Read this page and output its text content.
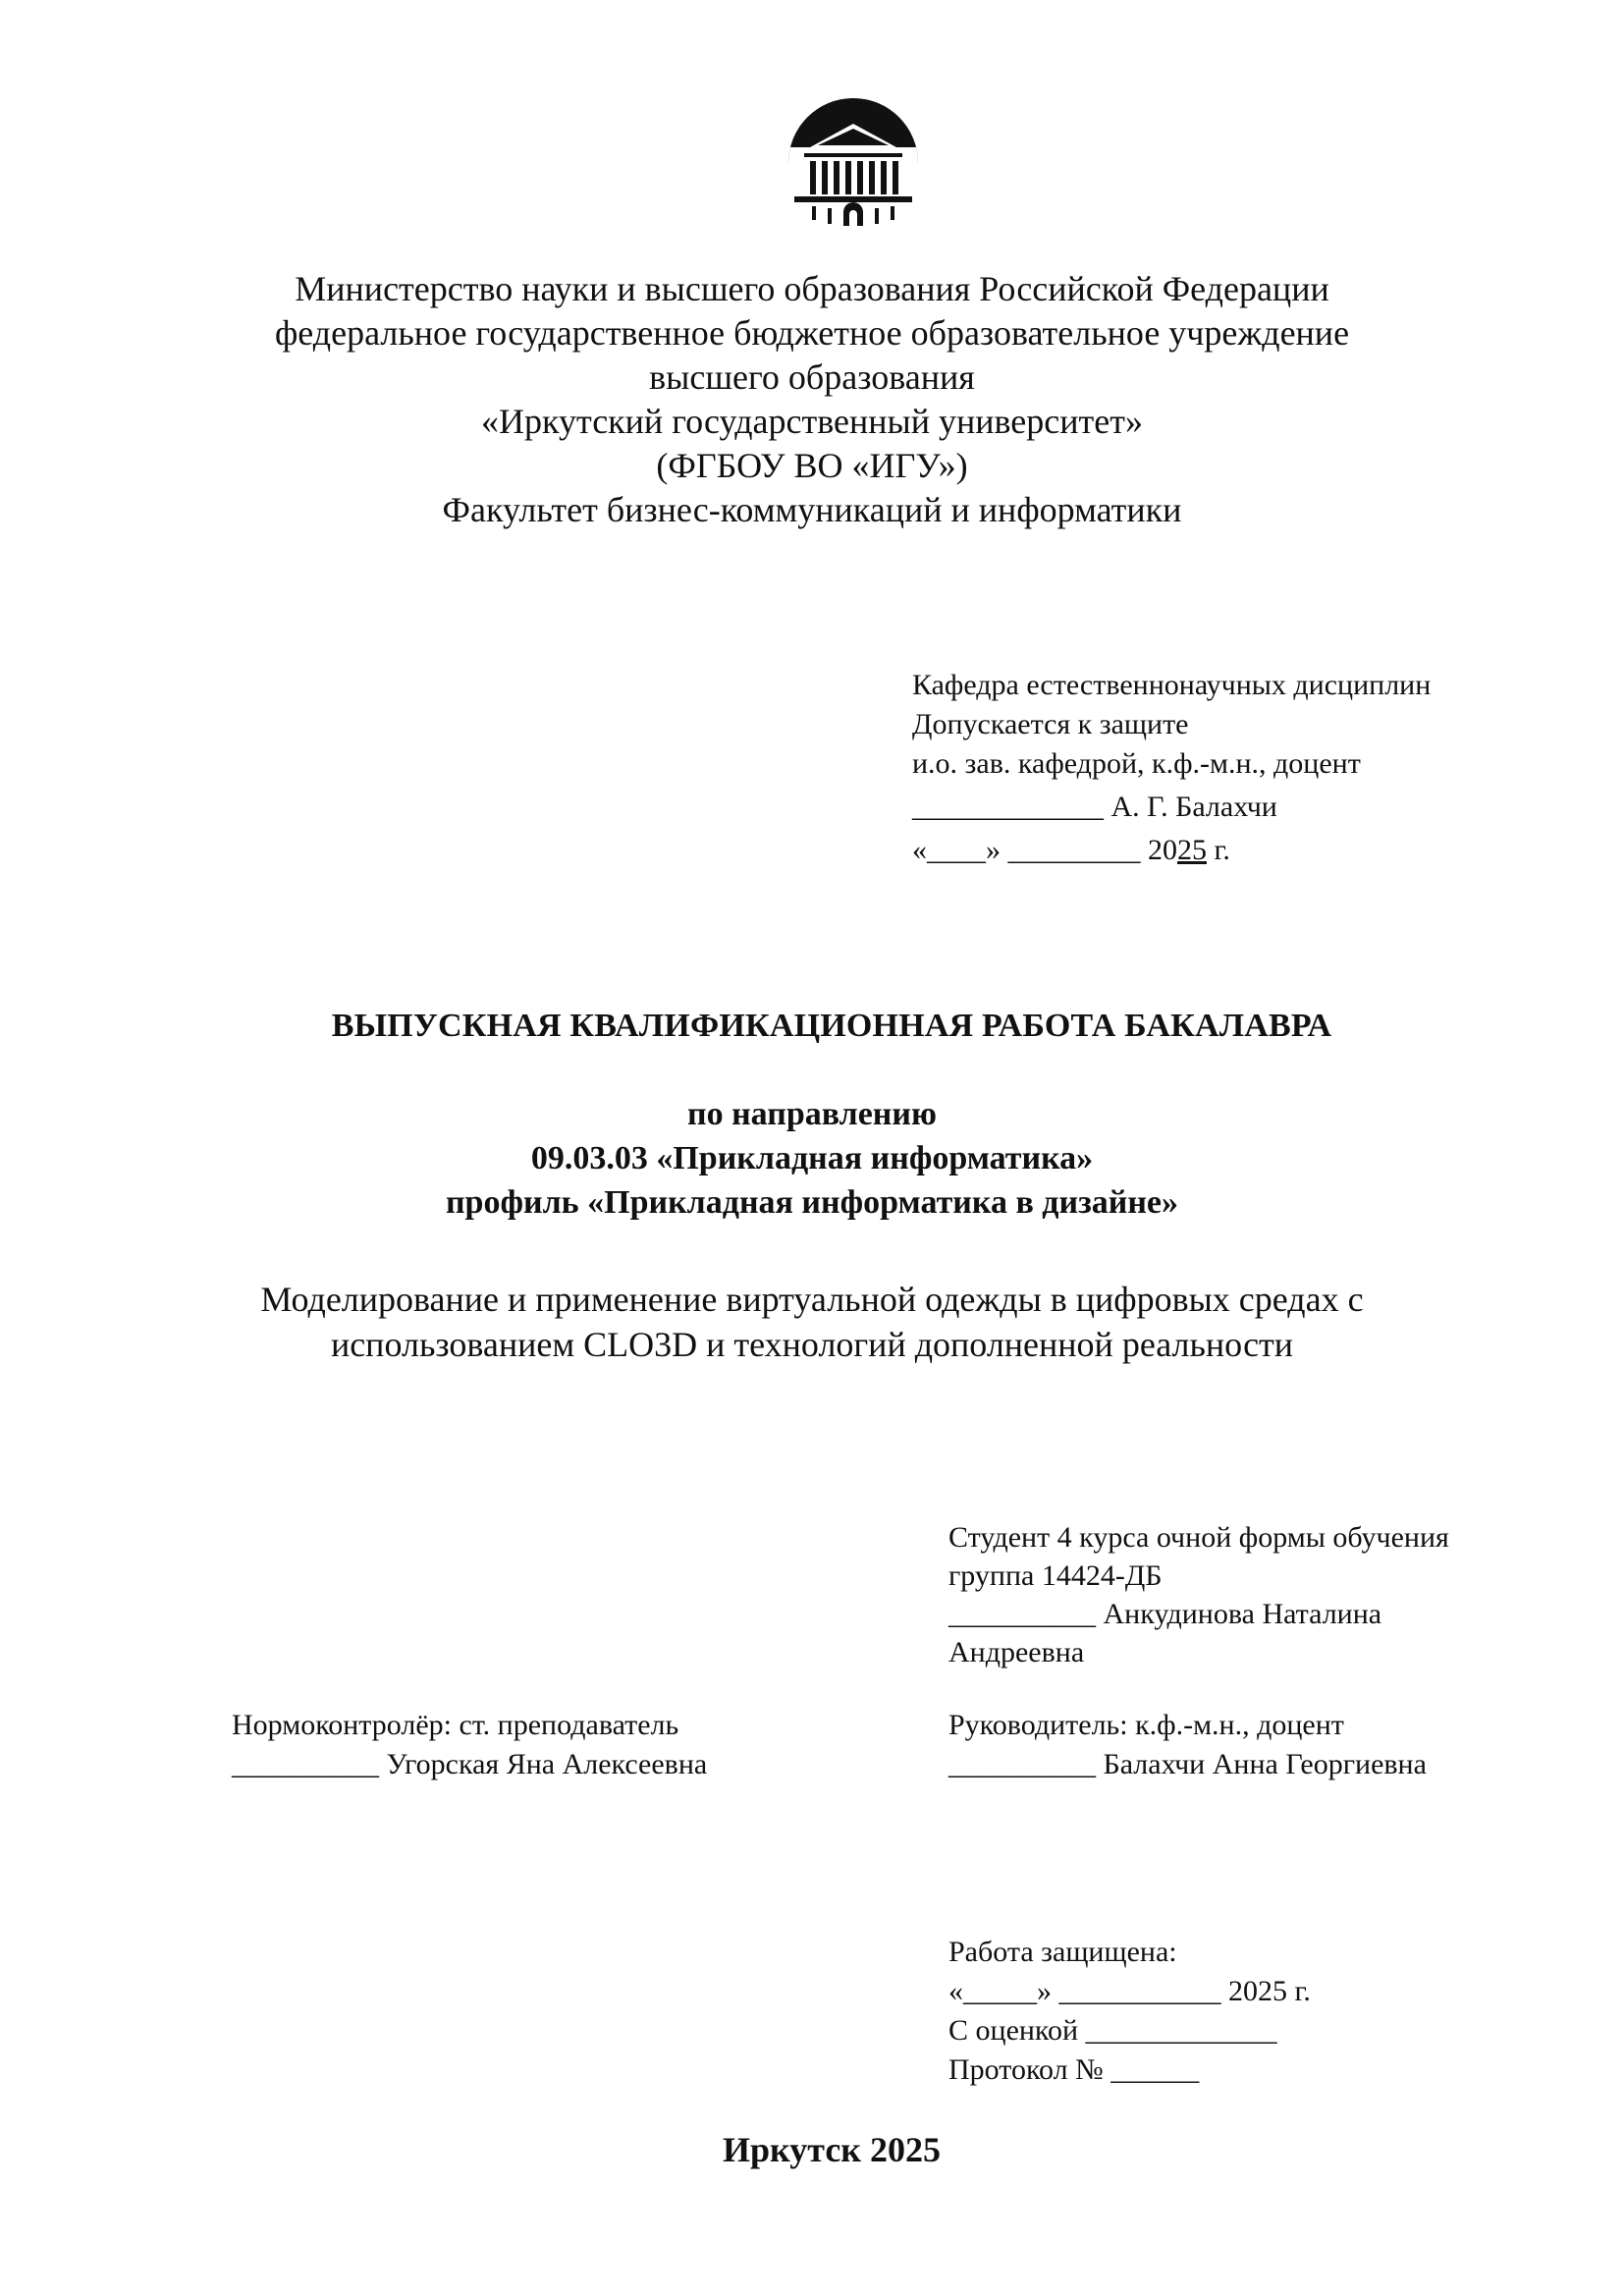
Министерство науки и высшего образования Российской Федерации
федеральное государственное бюджетное образовательное учреждение
высшего образования
«Иркутский государственный университет»
(ФГБОУ ВО «ИГУ»)
Факультет бизнес-коммуникаций и информатики
Кафедра естественнонаучных дисциплин
Допускается к защите
и.о. зав. кафедрой, к.ф.-м.н., доцент
_____________ А. Г. Балахчи
«____» _________ 2025 г.
ВЫПУСКНАЯ КВАЛИФИКАЦИОННАЯ РАБОТА БАКАЛАВРА
по направлению
09.03.03 «Прикладная информатика»
профиль «Прикладная информатика в дизайне»
Моделирование и применение виртуальной одежды в цифровых средах с
использованием CLO3D и технологий дополненной реальности
Студент 4 курса очной формы обучения
группа 14424-ДБ
__________ Анкудинова Наталина
Андреевна
Нормоконтролёр: ст. преподаватель
__________ Угорская Яна Алексеевна
Руководитель: к.ф.-м.н., доцент
__________ Балахчи Анна Георгиевна
Работа защищена:
«_____» ___________ 2025 г.
С оценкой _____________
Протокол № ______
Иркутск 2025
